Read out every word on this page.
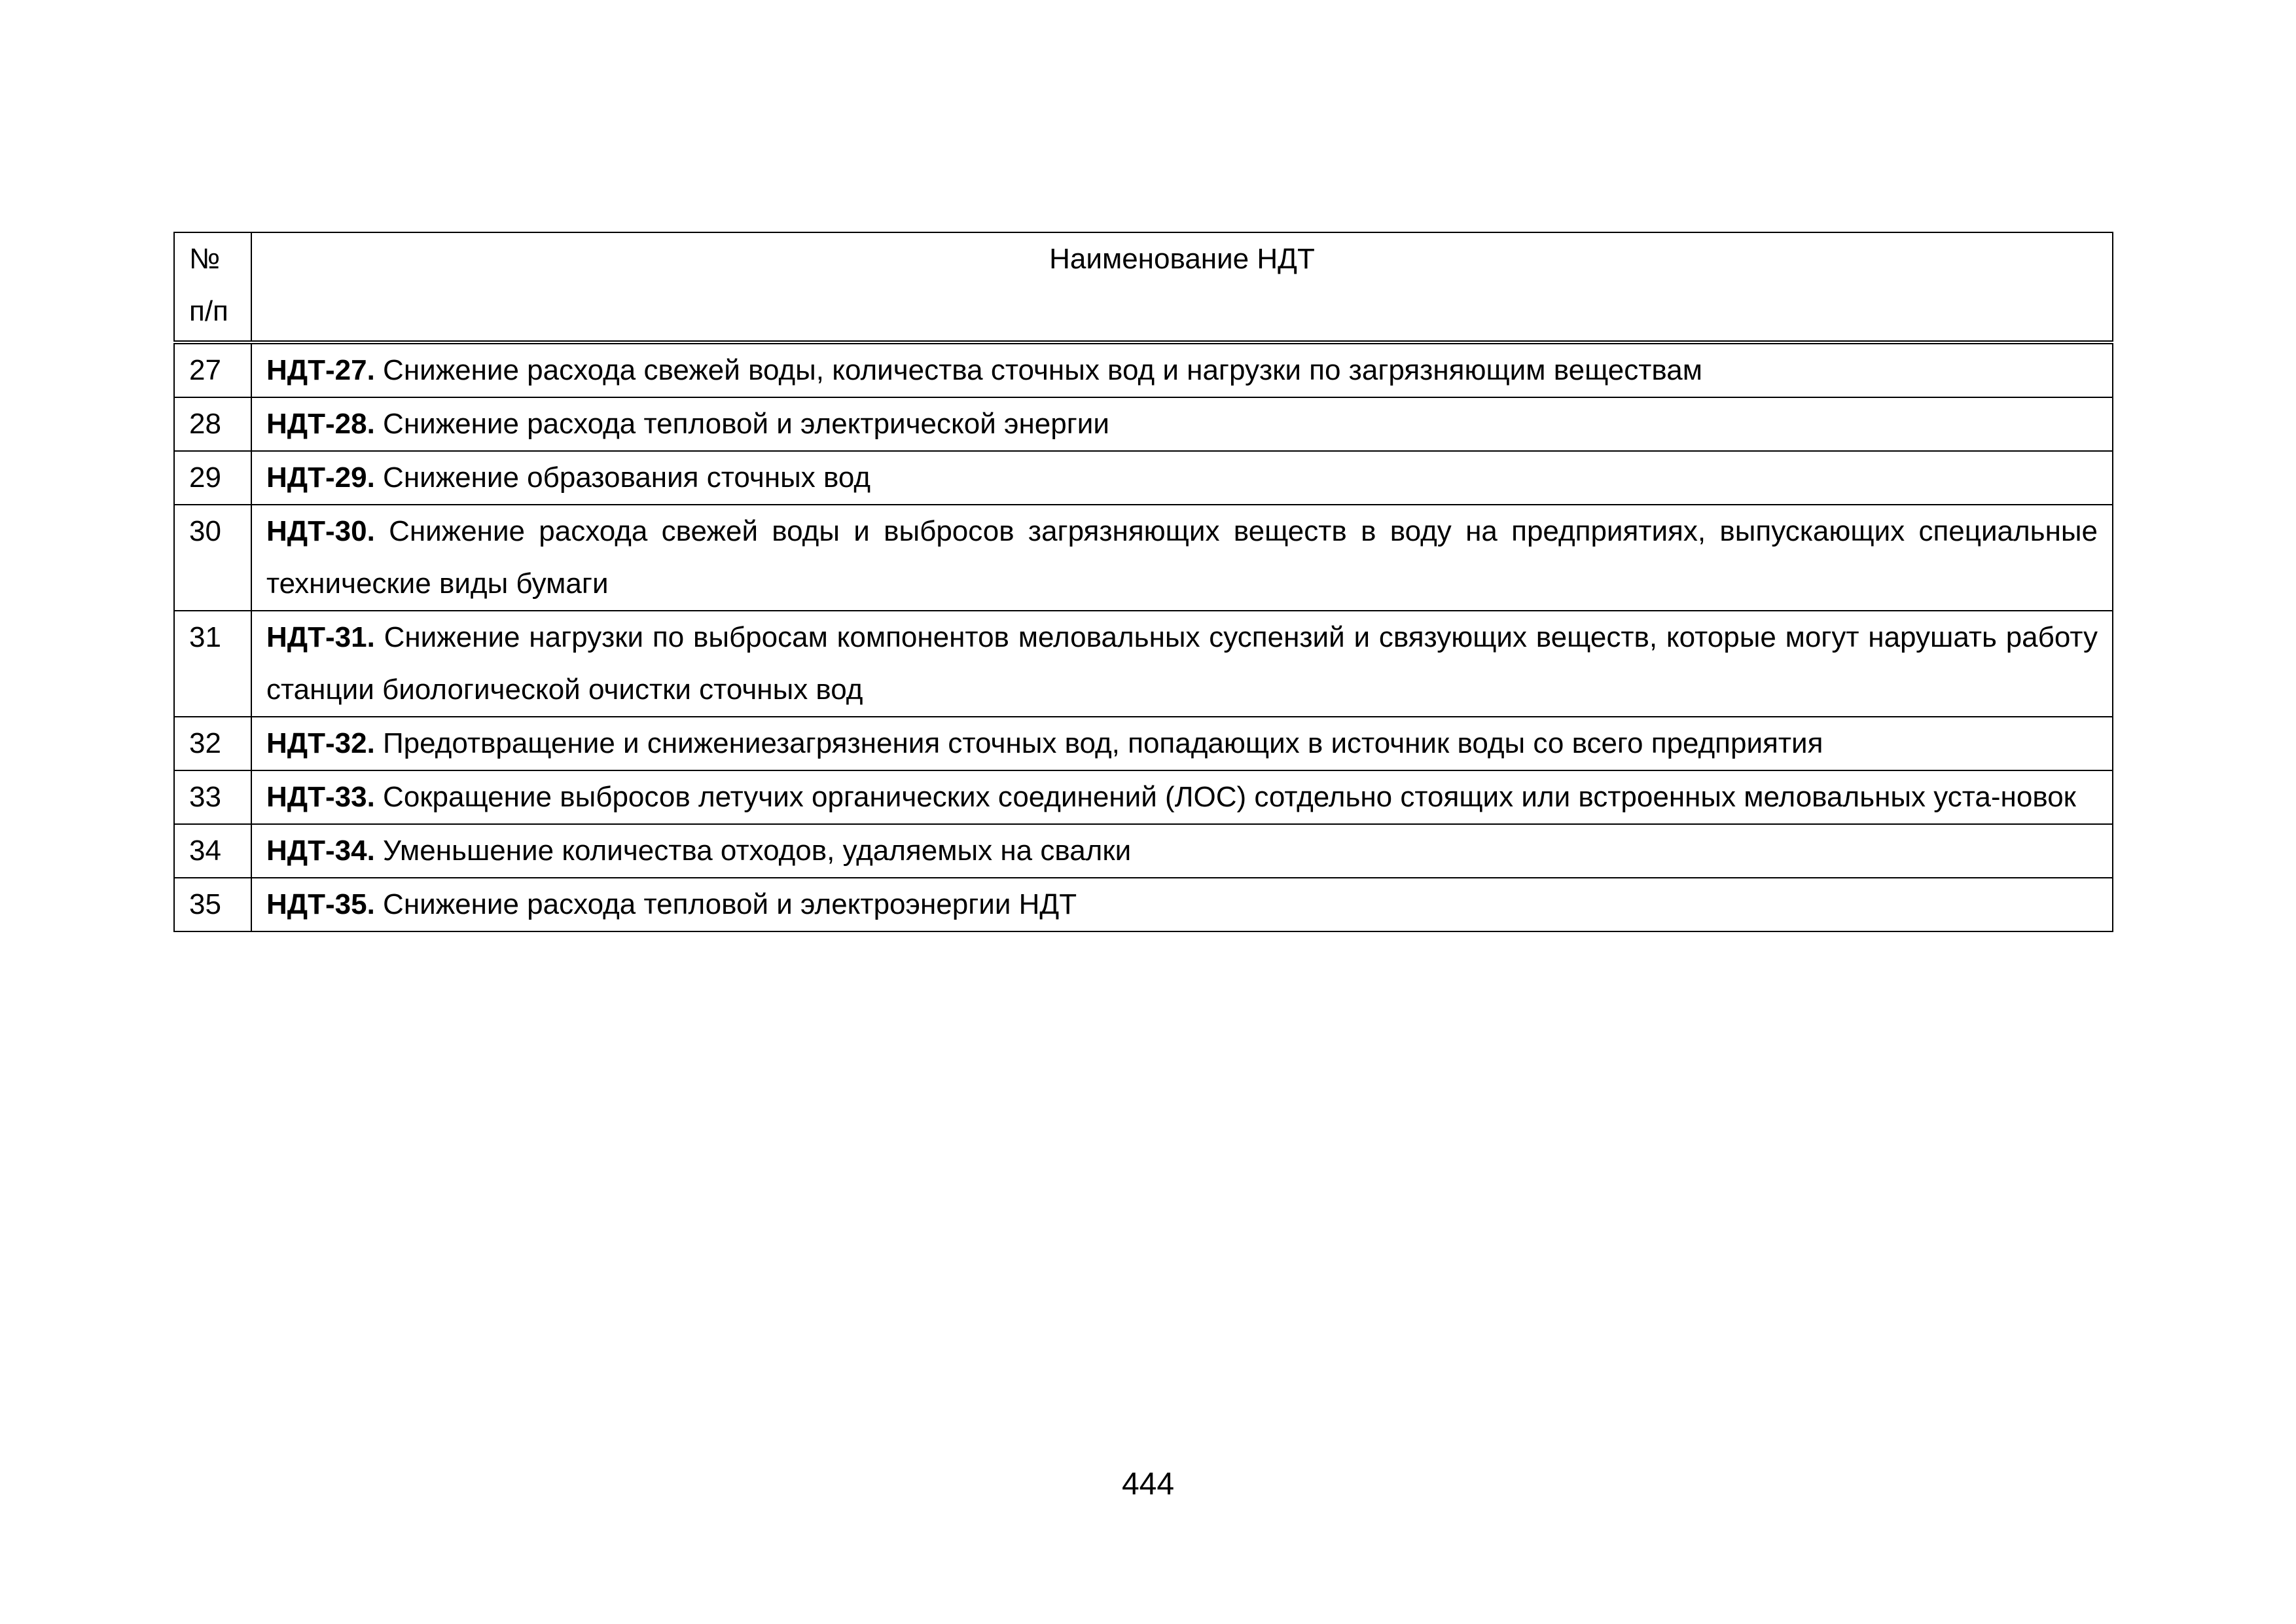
№
п/п	Наименование НДТ
27	НДТ-27. Снижение расхода свежей воды, количества сточных вод и нагрузки по загрязняющим веществам
28	НДТ-28. Снижение расхода тепловой и электрической энергии
29	НДТ-29. Снижение образования сточных вод
30	НДТ-30. Снижение расхода свежей воды и выбросов загрязняющих веществ в воду на предприятиях, выпускающих специальные технические виды бумаги
31	НДТ-31. Снижение нагрузки по выбросам компонентов меловальных суспензий и связующих веществ, которые могут нарушать работу станции биологической очистки сточных вод
32	НДТ-32. Предотвращение и снижениезагрязнения сточных вод, попадающих в источник воды со всего предприятия
33	НДТ-33. Сокращение выбросов летучих органических соединений (ЛОС) сотдельно стоящих или встроенных меловальных уста-новок
34	НДТ-34. Уменьшение количества отходов, удаляемых на свалки
35	НДТ-35. Снижение расхода тепловой и электроэнергии НДТ
444
